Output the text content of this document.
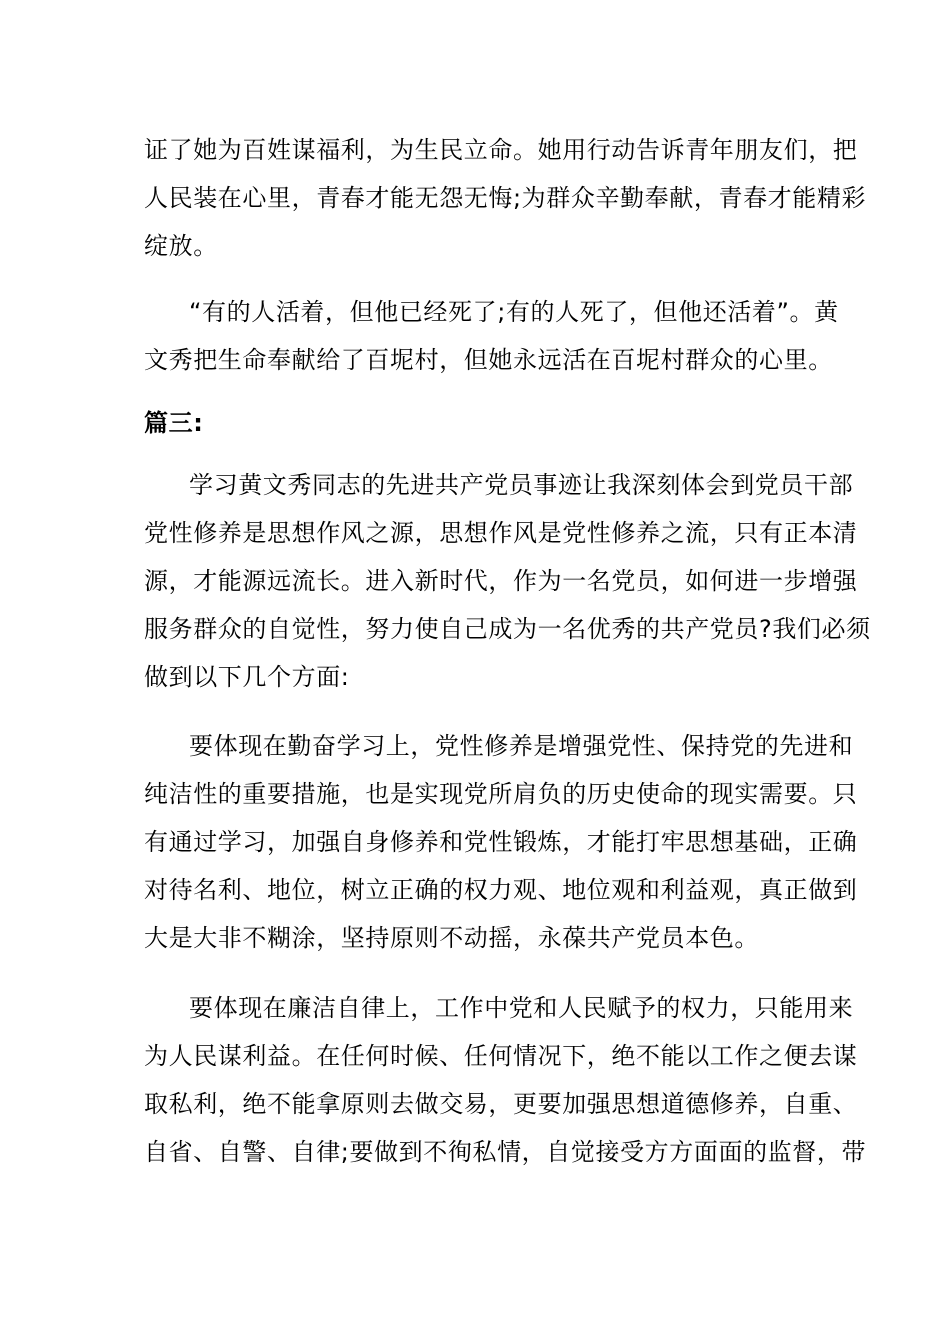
证了她为百姓谋福利，为生民立命。她用行动告诉青年朋友们，把
人民装在心里，青春才能无怨无悔;为群众辛勤奉献，青春才能精彩
绽放。
“有的人活着，但他已经死了;有的人死了，但他还活着”。黄
文秀把生命奉献给了百坭村，但她永远活在百坭村群众的心里。
篇三:
学习黄文秀同志的先进共产党员事迹让我深刻体会到党员干部
党性修养是思想作风之源，思想作风是党性修养之流，只有正本清
源，才能源远流长。进入新时代，作为一名党员，如何进一步增强
服务群众的自觉性，努力使自己成为一名优秀的共产党员?我们必须
做到以下几个方面:
要体现在勤奋学习上，党性修养是增强党性、保持党的先进和
纯洁性的重要措施，也是实现党所肩负的历史使命的现实需要。只
有通过学习，加强自身修养和党性锻炼，才能打牢思想基础，正确
对待名利、地位，树立正确的权力观、地位观和利益观，真正做到
大是大非不糊涂，坚持原则不动摇，永葆共产党员本色。
要体现在廉洁自律上，工作中党和人民赋予的权力，只能用来
为人民谋利益。在任何时候、任何情况下，绝不能以工作之便去谋
取私利，绝不能拿原则去做交易，更要加强思想道德修养，自重、
自省、自警、自律;要做到不徇私情，自觉接受方方面面的监督，带
